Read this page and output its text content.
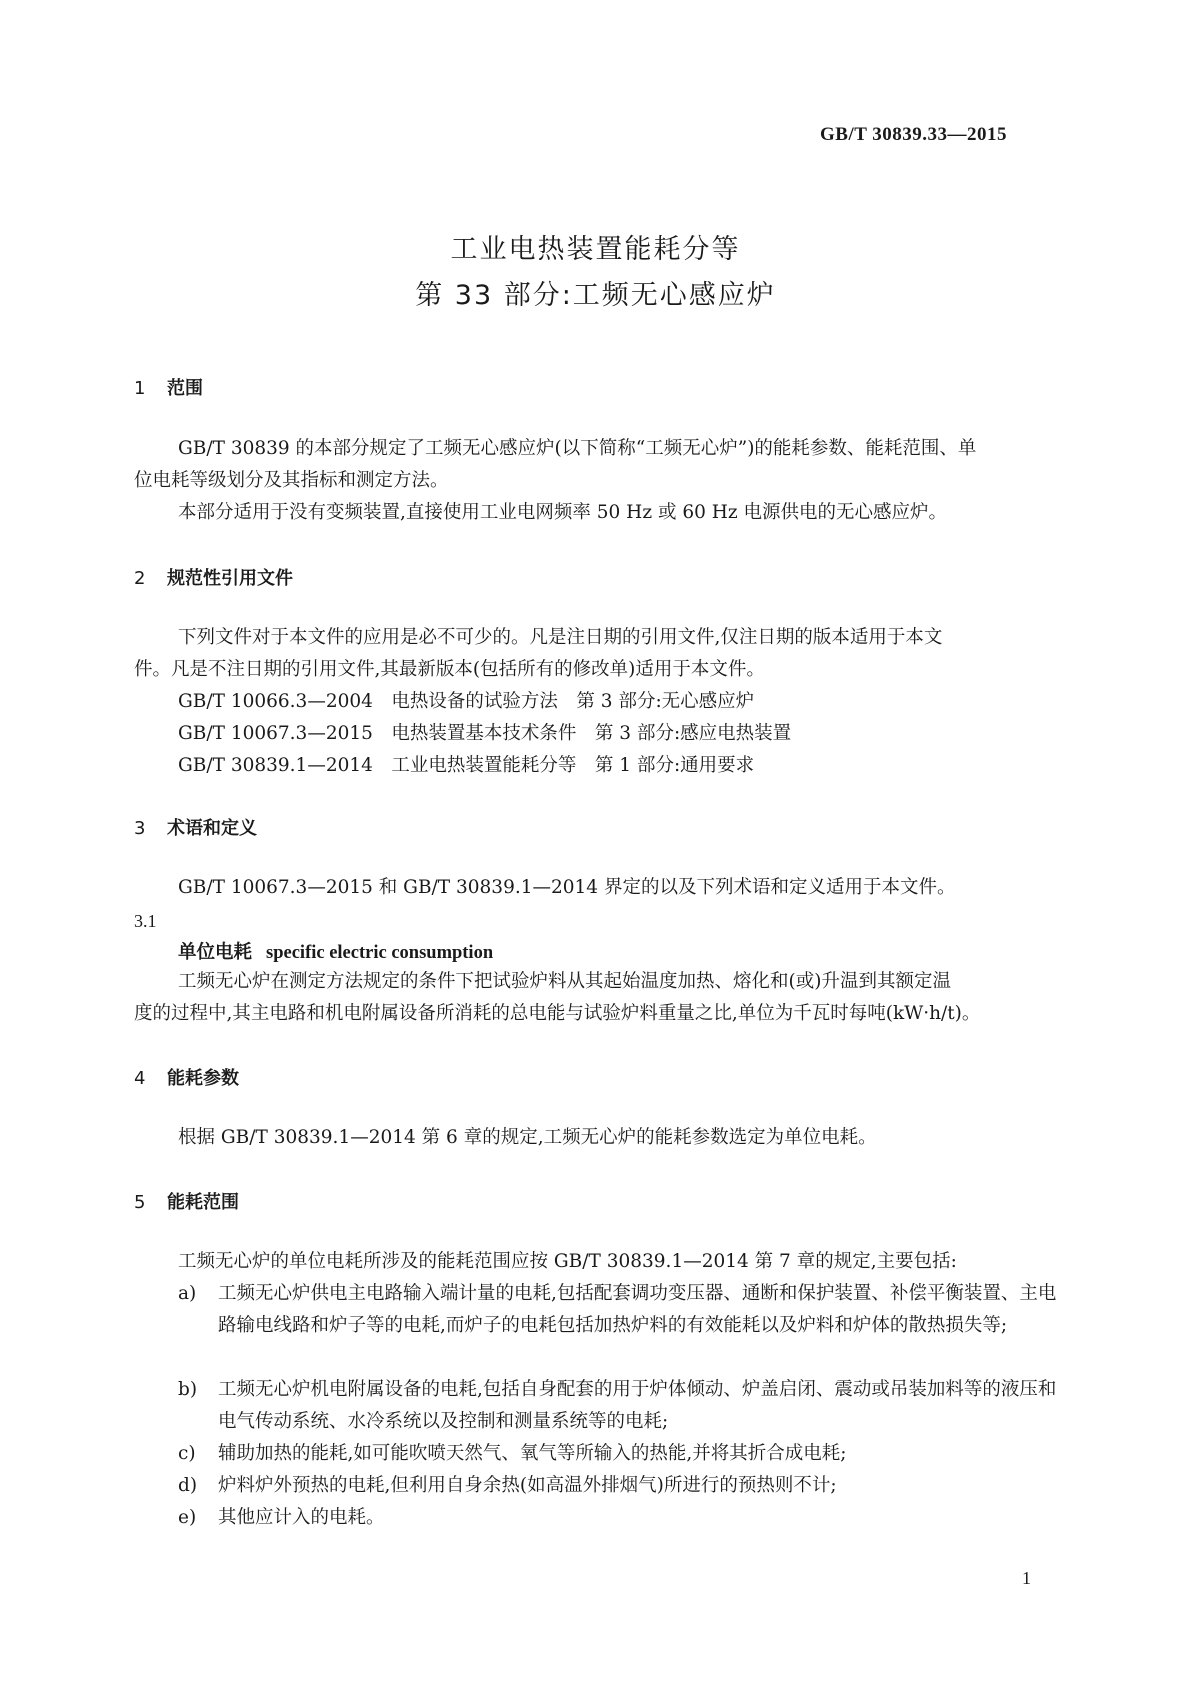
GB/T 30839.33—2015
工业电热装置能耗分等
第 33 部分:工频无心感应炉
1 范围
GB/T 30839 的本部分规定了工频无心感应炉(以下简称“工频无心炉”)的能耗参数、能耗范围、单
位电耗等级划分及其指标和测定方法。
本部分适用于没有变频装置,直接使用工业电网频率 50 Hz 或 60 Hz 电源供电的无心感应炉。
2 规范性引用文件
下列文件对于本文件的应用是必不可少的。凡是注日期的引用文件,仅注日期的版本适用于本文
件。凡是不注日期的引用文件,其最新版本(包括所有的修改单)适用于本文件。
GB/T 10066.3—2004　电热设备的试验方法　第 3 部分:无心感应炉
GB/T 10067.3—2015　电热装置基本技术条件　第 3 部分:感应电热装置
GB/T 30839.1—2014　工业电热装置能耗分等　第 1 部分:通用要求
3 术语和定义
GB/T 10067.3—2015 和 GB/T 30839.1—2014 界定的以及下列术语和定义适用于本文件。
3.1
单位电耗 specific electric consumption
工频无心炉在测定方法规定的条件下把试验炉料从其起始温度加热、熔化和(或)升温到其额定温
度的过程中,其主电路和机电附属设备所消耗的总电能与试验炉料重量之比,单位为千瓦时每吨(kW·h/t)。
4 能耗参数
根据 GB/T 30839.1—2014 第 6 章的规定,工频无心炉的能耗参数选定为单位电耗。
5 能耗范围
工频无心炉的单位电耗所涉及的能耗范围应按 GB/T 30839.1—2014 第 7 章的规定,主要包括:
a)	工频无心炉供电主电路输入端计量的电耗,包括配套调功变压器、通断和保护装置、补偿平衡装置、主电路输电线路和炉子等的电耗,而炉子的电耗包括加热炉料的有效能耗以及炉料和炉体的散热损失等;
b)	工频无心炉机电附属设备的电耗,包括自身配套的用于炉体倾动、炉盖启闭、震动或吊装加料等的液压和电气传动系统、水冷系统以及控制和测量系统等的电耗;
c)	辅助加热的能耗,如可能吹喷天然气、氧气等所输入的热能,并将其折合成电耗;
d)	炉料炉外预热的电耗,但利用自身余热(如高温外排烟气)所进行的预热则不计;
e)	其他应计入的电耗。
1
